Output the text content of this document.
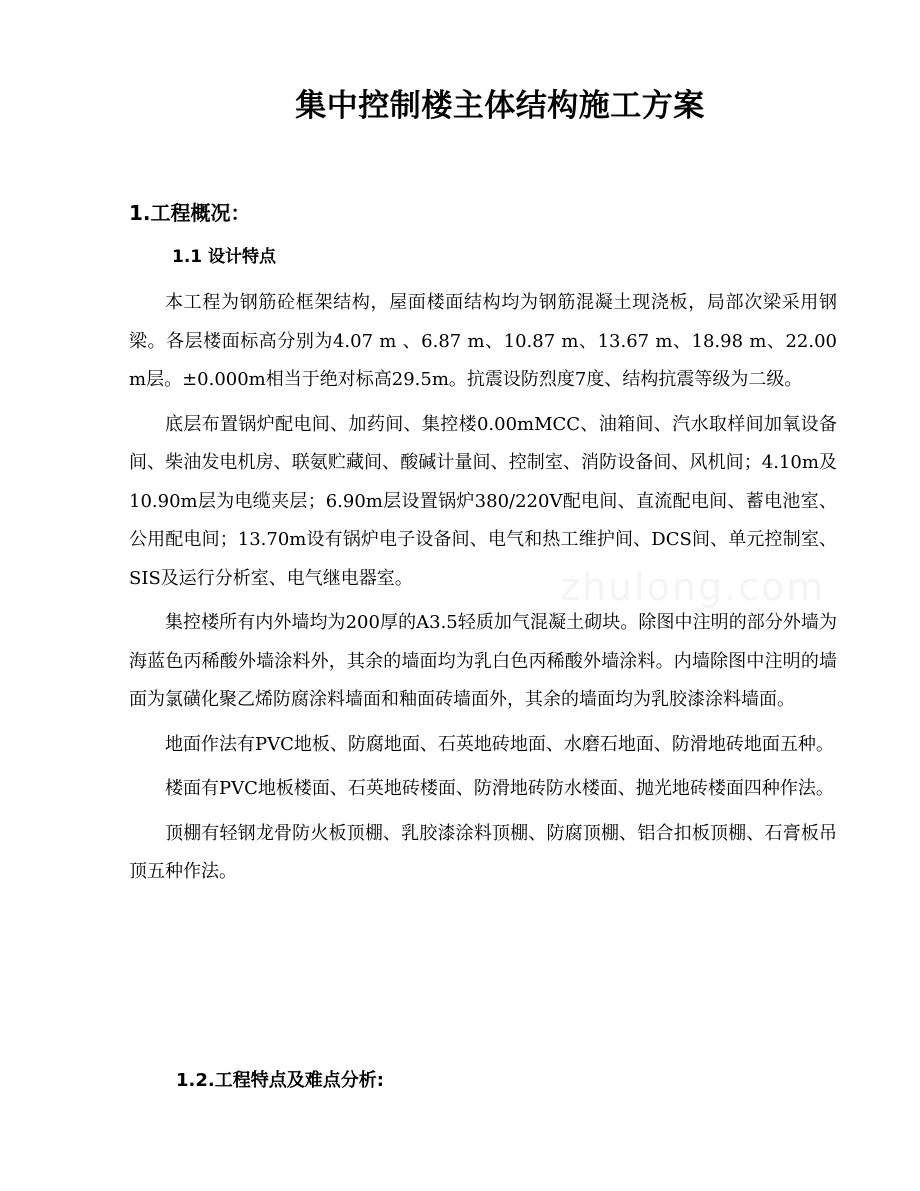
集中控制楼主体结构施工方案
1.工程概况：
1.1 设计特点

本工程为钢筋砼框架结构，屋面楼面结构均为钢筋混凝土现浇板，局部次梁采用钢梁。各层楼面标高分别为4.07 m 、6.87 m、10.87 m、13.67 m、18.98 m、22.00 m层。±0.000m相当于绝对标高29.5m。抗震设防烈度7度、结构抗震等级为二级。

底层布置锅炉配电间、加药间、集控楼0.00mMCC、油箱间、汽水取样间加氧设备间、柴油发电机房、联氨贮藏间、酸碱计量间、控制室、消防设备间、风机间；4.10m及10.90m层为电缆夹层；6.90m层设置锅炉380/220V配电间、直流配电间、蓄电池室、公用配电间；13.70m设有锅炉电子设备间、电气和热工维护间、DCS间、单元控制室、SIS及运行分析室、电气继电器室。

集控楼所有内外墙均为200厚的A3.5轻质加气混凝土砌块。除图中注明的部分外墙为海蓝色丙稀酸外墙涂料外，其余的墙面均为乳白色丙稀酸外墙涂料。内墙除图中注明的墙面为氯磺化聚乙烯防腐涂料墙面和釉面砖墙面外，其余的墙面均为乳胶漆涂料墙面。

地面作法有PVC地板、防腐地面、石英地砖地面、水磨石地面、防滑地砖地面五种。

楼面有PVC地板楼面、石英地砖楼面、防滑地砖防水楼面、抛光地砖楼面四种作法。

顶棚有轻钢龙骨防火板顶棚、乳胶漆涂料顶棚、防腐顶棚、铝合扣板顶棚、石膏板吊顶五种作法。

1.2.工程特点及难点分析:
zhulong.com
